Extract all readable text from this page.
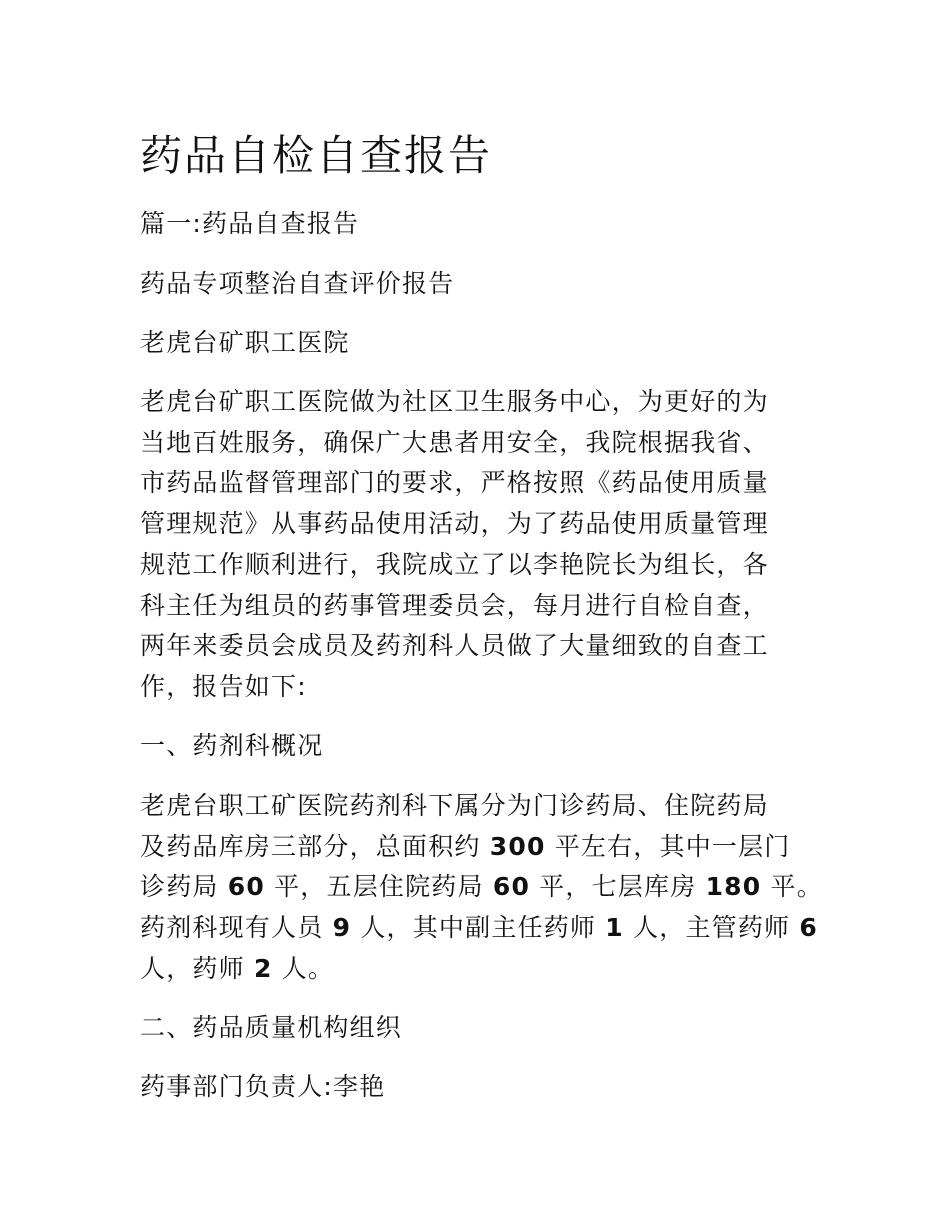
药品自检自查报告

篇一:药品自查报告

药品专项整治自查评价报告

老虎台矿职工医院

老虎台矿职工医院做为社区卫生服务中心，为更好的为
当地百姓服务，确保广大患者用安全，我院根据我省、
市药品监督管理部门的要求，严格按照《药品使用质量
管理规范》从事药品使用活动，为了药品使用质量管理
规范工作顺利进行，我院成立了以李艳院长为组长，各
科主任为组员的药事管理委员会，每月进行自检自查，
两年来委员会成员及药剂科人员做了大量细致的自查工
作，报告如下:

一、药剂科概况

老虎台职工矿医院药剂科下属分为门诊药局、住院药局
及药品库房三部分，总面积约 300 平左右，其中一层门
诊药局 60 平，五层住院药局 60 平，七层库房 180 平。
药剂科现有人员 9 人，其中副主任药师 1 人，主管药师 6
人，药师 2 人。

二、药品质量机构组织

药事部门负责人:李艳
